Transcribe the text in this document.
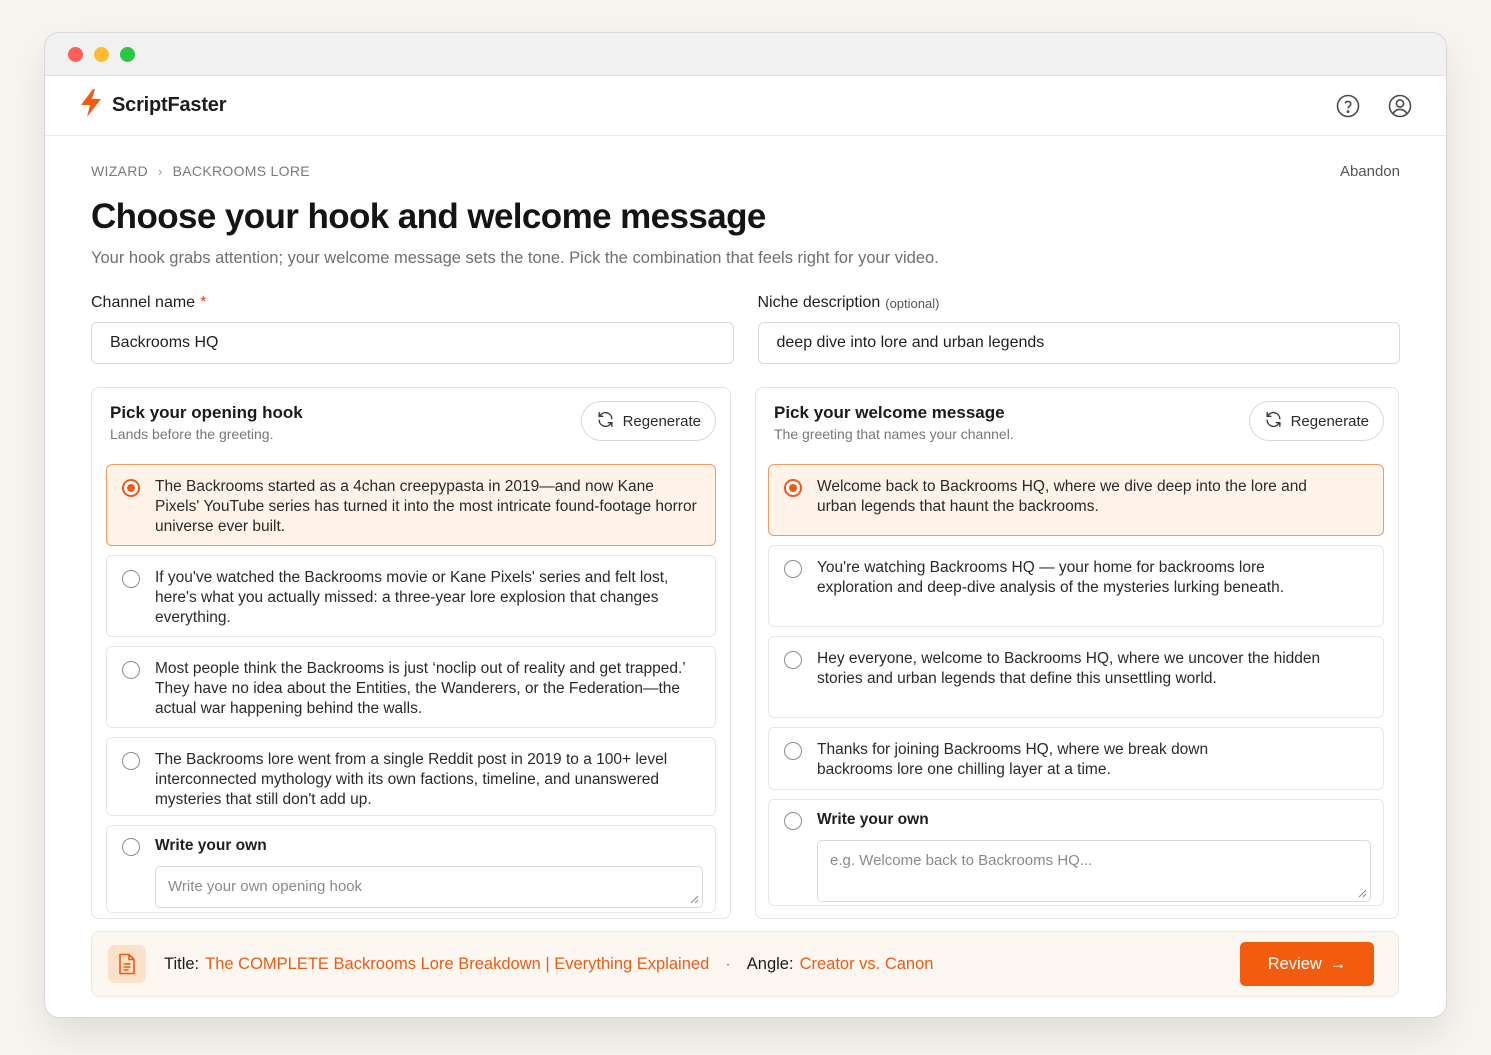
ScriptFaster
WIZARD › BACKROOMS LORE	Abandon
Choose your hook and welcome message

Your hook grabs attention; your welcome message sets the tone. Pick the combination that feels right for your video.

Channel name *
Backrooms HQ
Niche description (optional)
deep dive into lore and urban legends
Pick your opening hook
Lands before the greeting.
Regenerate
The Backrooms started as a 4chan creepypasta in 2019—and now Kane Pixels' YouTube series has turned it into the most intricate found-footage horror universe ever built.
If you've watched the Backrooms movie or Kane Pixels' series and felt lost, here's what you actually missed: a three-year lore explosion that changes everything.
Most people think the Backrooms is just ‘noclip out of reality and get trapped.’ They have no idea about the Entities, the Wanderers, or the Federation—the actual war happening behind the walls.
The Backrooms lore went from a single Reddit post in 2019 to a 100+ level interconnected mythology with its own factions, timeline, and unanswered mysteries that still don't add up.
Write your own
Write your own opening hook
Pick your welcome message
The greeting that names your channel.
Regenerate
Welcome back to Backrooms HQ, where we dive deep into the lore and urban legends that haunt the backrooms.
You're watching Backrooms HQ — your home for backrooms lore exploration and deep-dive analysis of the mysteries lurking beneath.
Hey everyone, welcome to Backrooms HQ, where we uncover the hidden stories and urban legends that define this unsettling world.
Thanks for joining Backrooms HQ, where we break down backrooms lore one chilling layer at a time.
Write your own
e.g. Welcome back to Backrooms HQ...
Title: The COMPLETE Backrooms Lore Breakdown | Everything Explained · Angle: Creator vs. Canon	Review →
